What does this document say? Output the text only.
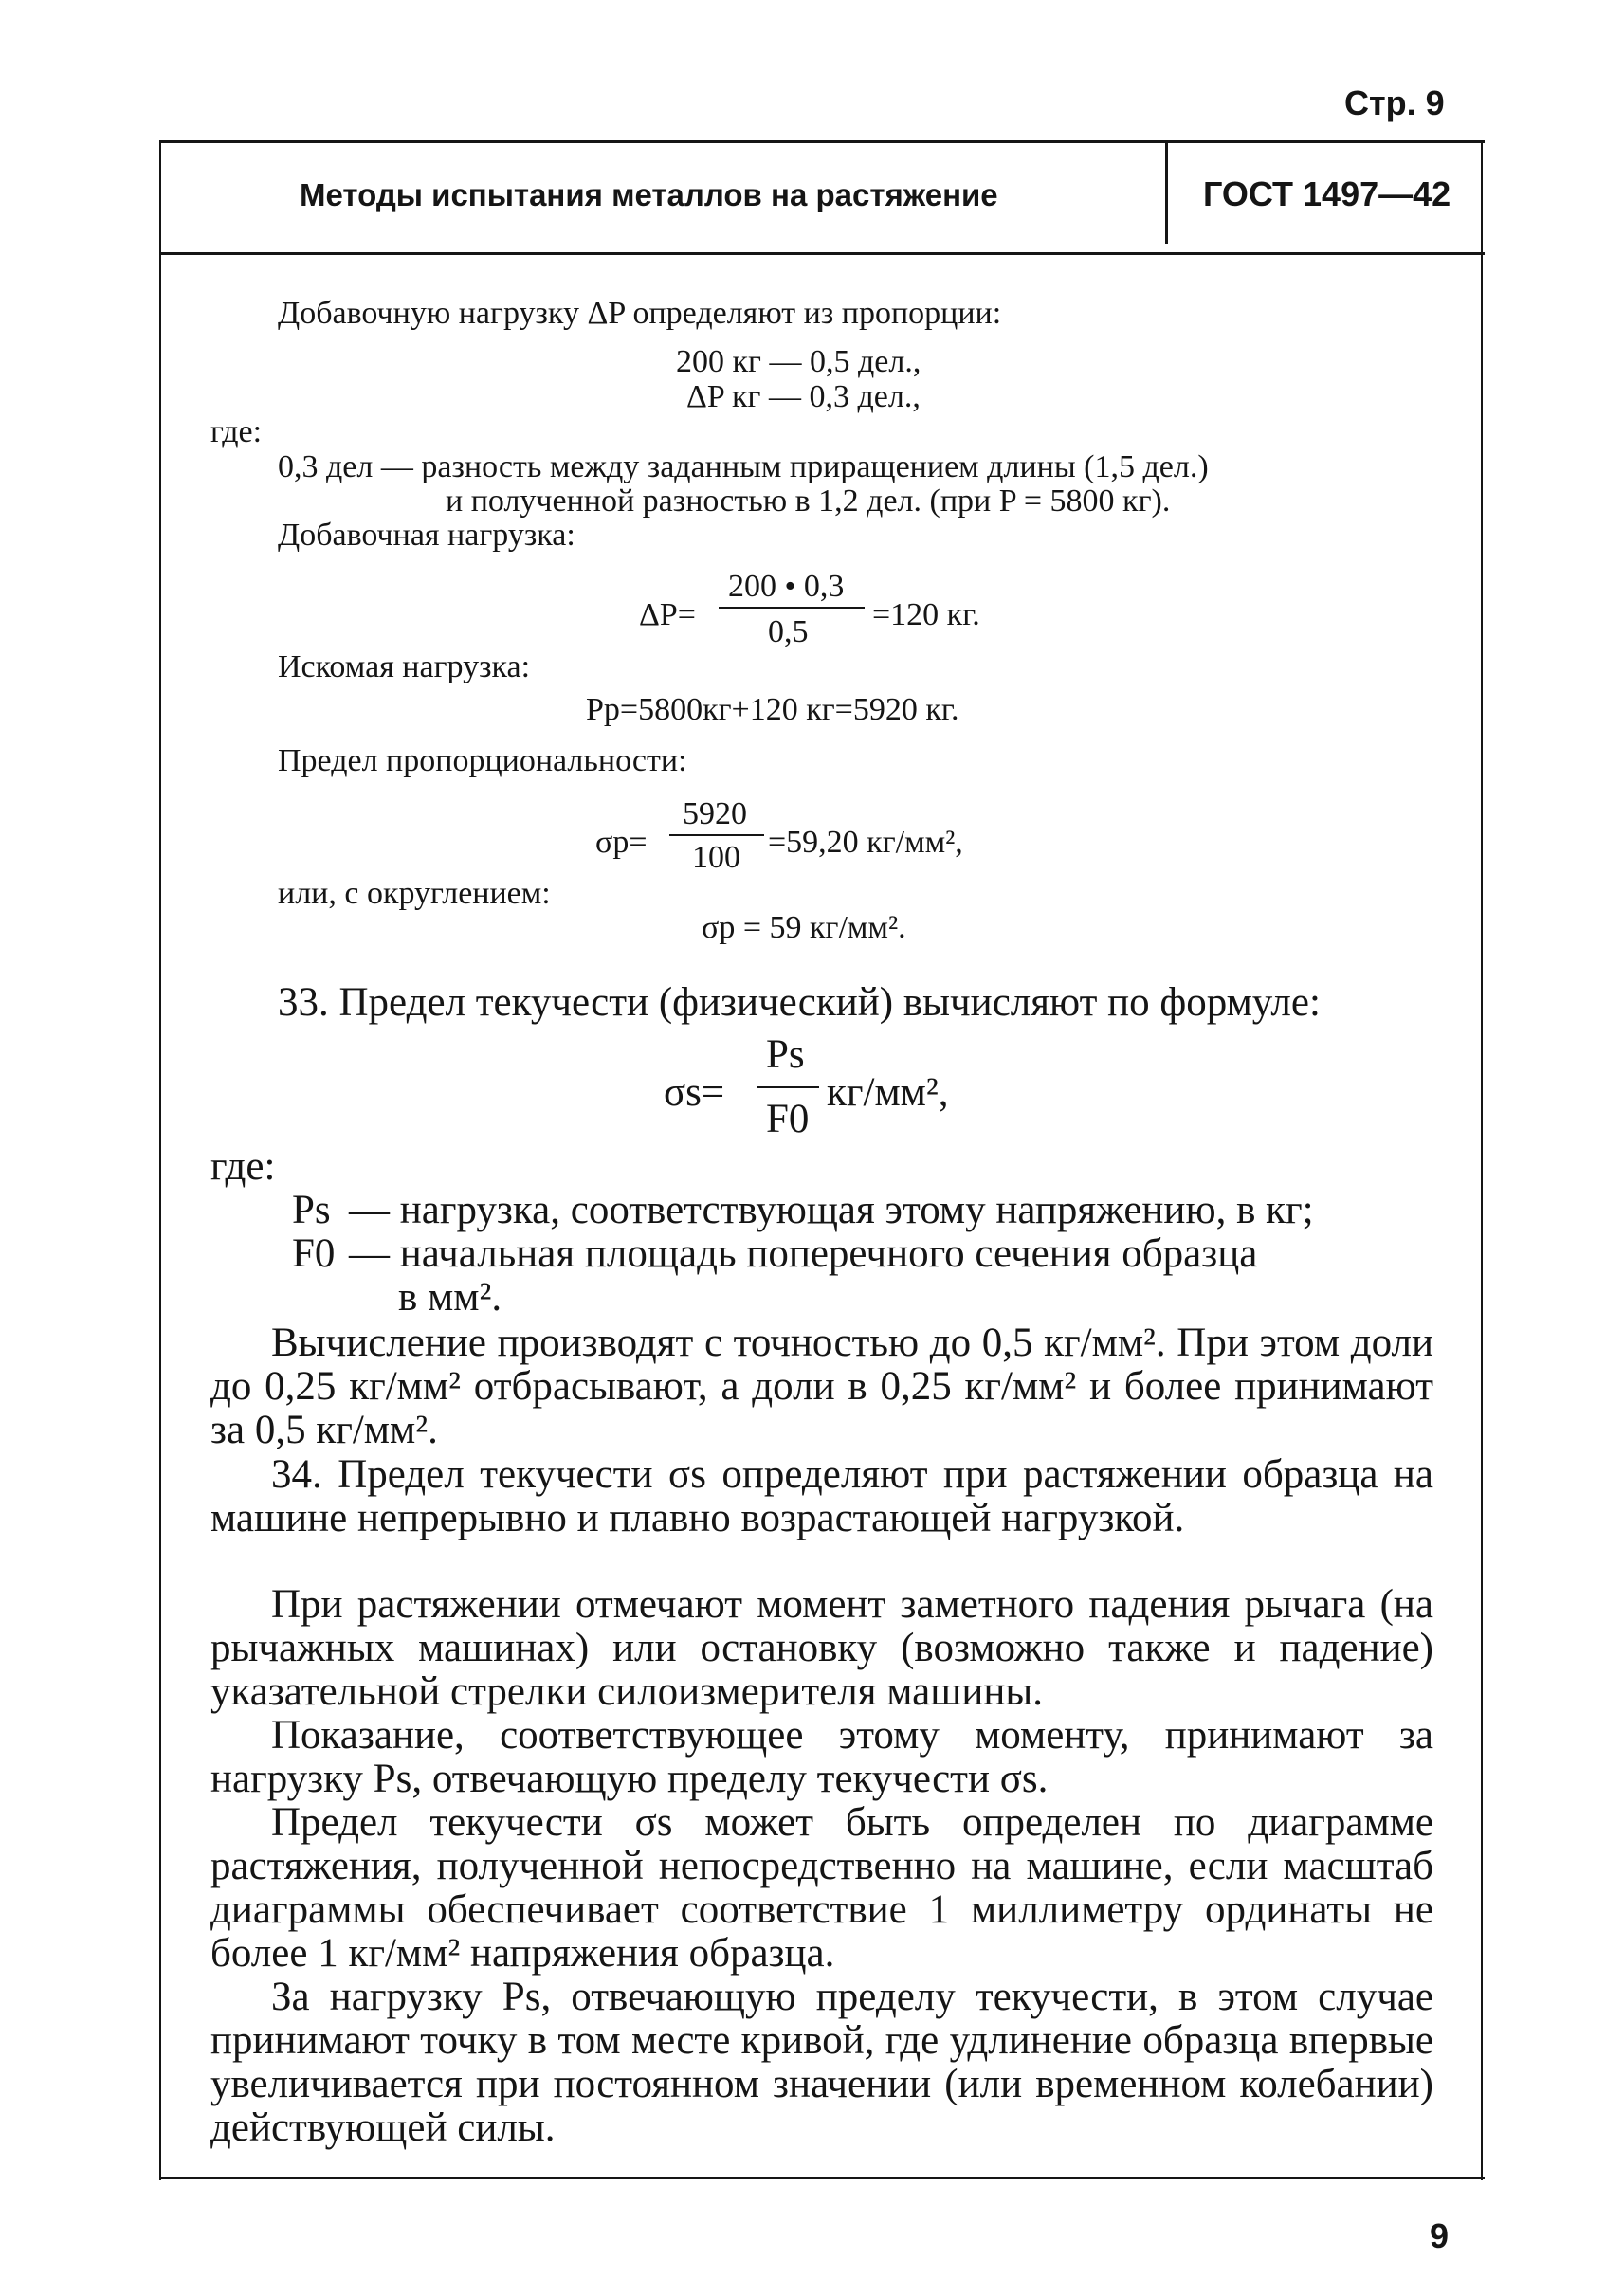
Стр. 9
Методы испытания металлов на растяжение	ГОСТ 1497—42
Добавочную нагрузку ΔP определяют из пропорции:
200 кг — 0,5 дел.,
ΔP кг — 0,3 дел.,
где:
0,3 дел — разность между заданным приращением длины (1,5 дел.)
и полученной разностью в 1,2 дел. (при P = 5800 кг).
Добавочная нагрузка:
ΔP=
200 • 0,3
0,5 =120 кг.
Искомая нагрузка:
Pp=5800кг+120 кг=5920 кг.
Предел пропорциональности:
σp=
5920
100 =59,20 кг/мм²,
или, с округлением:
σp = 59 кг/мм².
33. Предел текучести (физический) вычисляют по формуле:
σs=
Ps
F0
кг/мм²,
где:
Ps — нагрузка, соответствующая этому напряжению, в кг;
F0 — начальная площадь поперечного сечения образца
в мм².
Вычисление производят с точностью до 0,5 кг/мм². При этом доли до 0,25 кг/мм² отбрасывают, а доли в 0,25 кг/мм² и более принимают за 0,5 кг/мм².
34. Предел текучести σs определяют при растяжении образца на машине непрерывно и плавно возрастающей нагрузкой.
При растяжении отмечают момент заметного падения рычага (на рычажных машинах) или остановку (возможно также и падение) указательной стрелки силоизмерителя машины.
Показание, соответствующее этому моменту, принимают за нагрузку Ps, отвечающую пределу текучести σs.
Предел текучести σs может быть определен по диаграмме растяжения, полученной непосредственно на машине, если масштаб диаграммы обеспечивает соответствие 1 миллиметру ординаты не более 1 кг/мм² напряжения образца.
За нагрузку Ps, отвечающую пределу текучести, в этом случае принимают точку в том месте кривой, где удлинение образца впервые увеличивается при постоянном значении (или временном колебании) действующей силы.
9
